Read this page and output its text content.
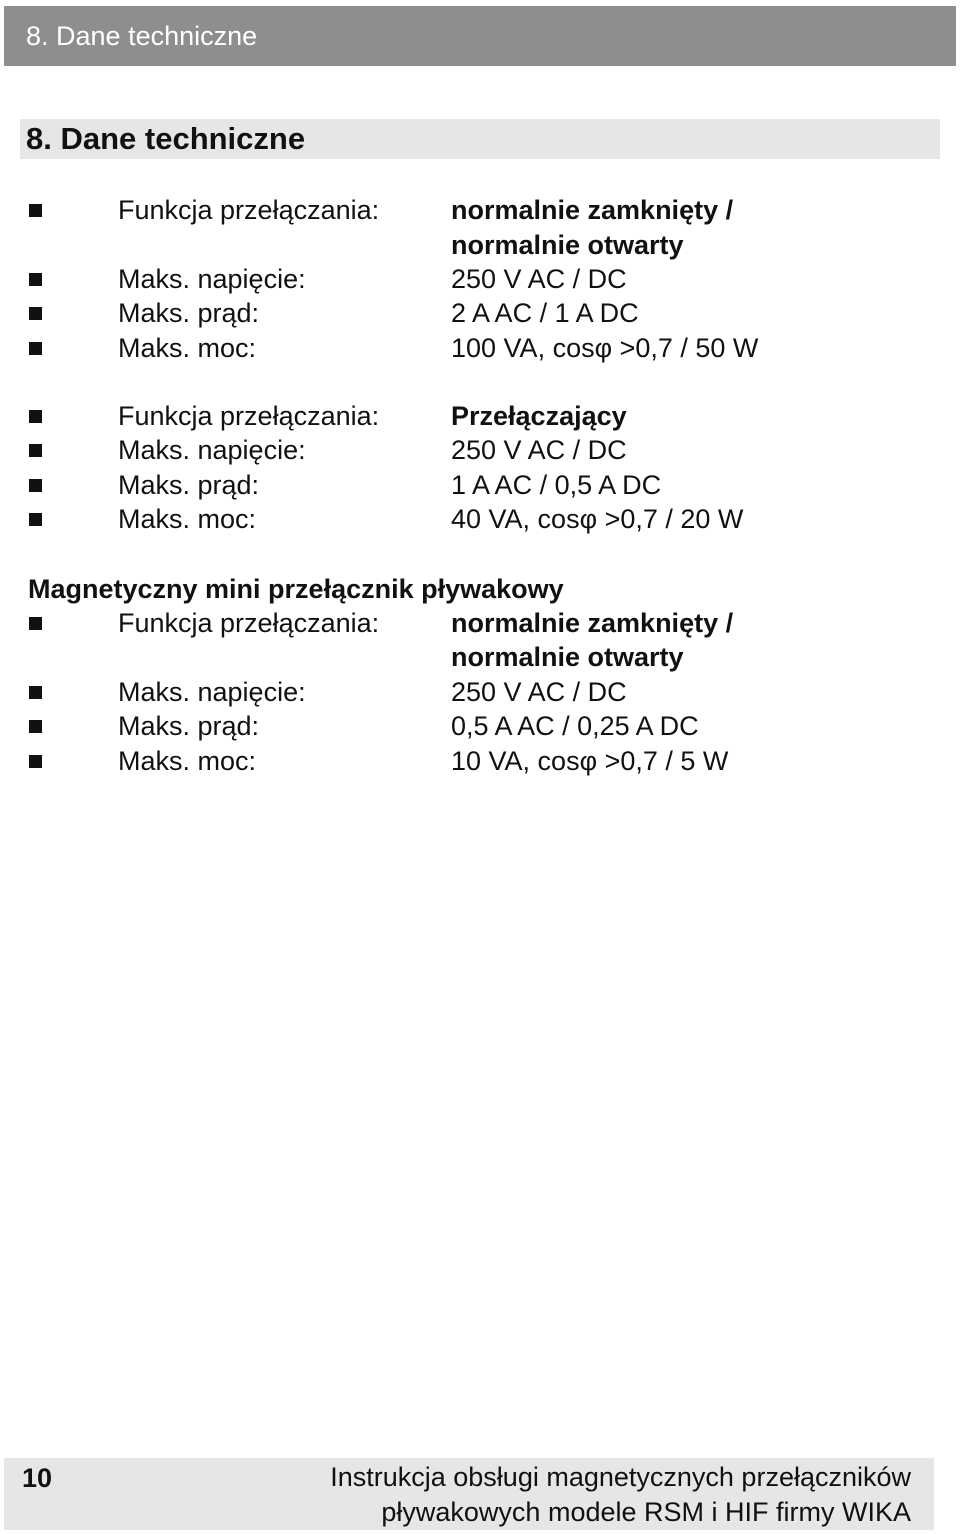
8. Dane techniczne
8. Dane techniczne
Funkcja przełączania:	normalnie zamknięty /
normalnie otwarty
Maks. napięcie:	250 V AC / DC
Maks. prąd:	2 A AC / 1 A DC
Maks. moc:	100 VA, cosφ >0,7 / 50 W
Funkcja przełączania:	Przełączający
Maks. napięcie:	250 V AC / DC
Maks. prąd:	1 A AC / 0,5 A DC
Maks. moc:	40 VA, cosφ >0,7 / 20 W
Magnetyczny mini przełącznik pływakowy
Funkcja przełączania:	normalnie zamknięty /
normalnie otwarty
Maks. napięcie:	250 V AC / DC
Maks. prąd:	0,5 A AC / 0,25 A DC
Maks. moc:	10 VA, cosφ >0,7 / 5 W
10	Instrukcja obsługi magnetycznych przełączników
pływakowych modele RSM i HIF firmy WIKA
